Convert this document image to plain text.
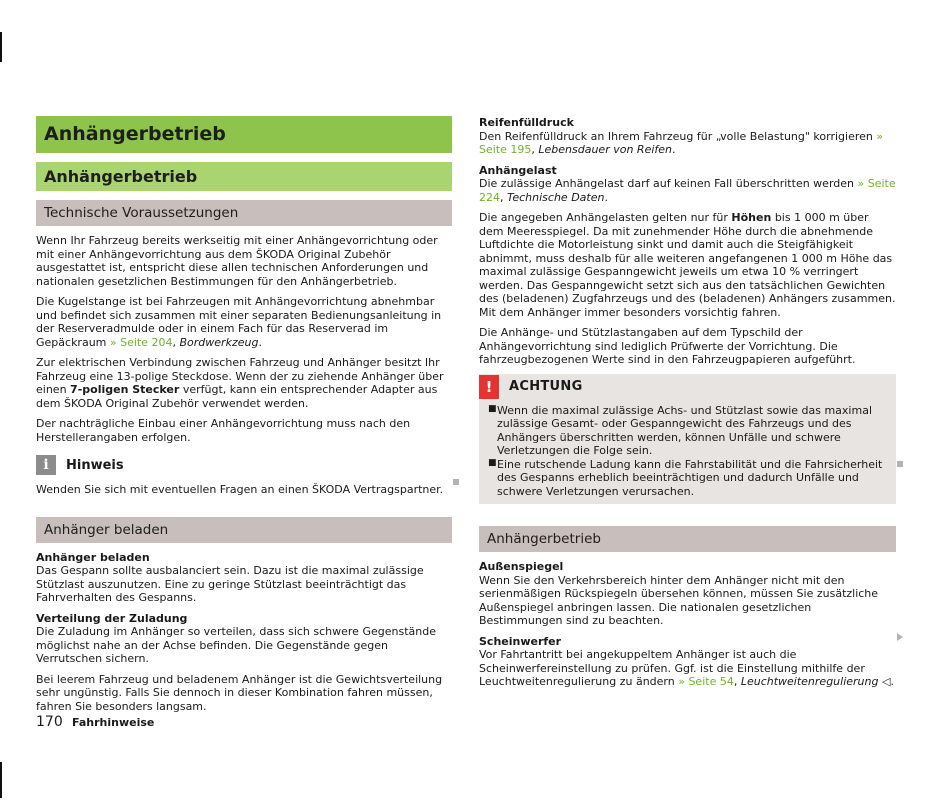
Anhängerbetrieb
Anhängerbetrieb
Technische Voraussetzungen

Wenn Ihr Fahrzeug bereits werkseitig mit einer Anhängevorrichtung oder mit einer Anhängevorrichtung aus dem ŠKODA Original Zubehör ausgestattet ist, entspricht diese allen technischen Anforderungen und nationalen gesetzlichen Bestimmungen für den Anhängerbetrieb.

Die Kugelstange ist bei Fahrzeugen mit Anhängevorrichtung abnehmbar und befindet sich zusammen mit einer separaten Bedienungsanleitung in der Reserveradmulde oder in einem Fach für das Reserverad im Gepäckraum » Seite 204, Bordwerkzeug.

Zur elektrischen Verbindung zwischen Fahrzeug und Anhänger besitzt Ihr Fahrzeug eine 13-polige Steckdose. Wenn der zu ziehende Anhänger über einen 7-poligen Stecker verfügt, kann ein entsprechender Adapter aus dem ŠKODA Original Zubehör verwendet werden.

Der nachträgliche Einbau einer Anhängevorrichtung muss nach den Herstellerangaben erfolgen.

i	Hinweis

Wenden Sie sich mit eventuellen Fragen an einen ŠKODA Vertragspartner.

Anhänger beladen

Anhänger beladen
Das Gespann sollte ausbalanciert sein. Dazu ist die maximal zulässige Stützlast auszunutzen. Eine zu geringe Stützlast beeinträchtigt das Fahrverhalten des Gespanns.

Verteilung der Zuladung
Die Zuladung im Anhänger so verteilen, dass sich schwere Gegenstände möglichst nahe an der Achse befinden. Die Gegenstände gegen Verrutschen sichern.

Bei leerem Fahrzeug und beladenem Anhänger ist die Gewichtsverteilung sehr ungünstig. Falls Sie dennoch in dieser Kombination fahren müssen, fahren Sie besonders langsam.

Reifenfülldruck
Den Reifenfülldruck an Ihrem Fahrzeug für „volle Belastung" korrigieren » Seite 195, Lebensdauer von Reifen.

Anhängelast
Die zulässige Anhängelast darf auf keinen Fall überschritten werden » Seite 224, Technische Daten.

Die angegeben Anhängelasten gelten nur für Höhen bis 1 000 m über dem Meeresspiegel. Da mit zunehmender Höhe durch die abnehmende Luftdichte die Motorleistung sinkt und damit auch die Steigfähigkeit abnimmt, muss deshalb für alle weiteren angefangenen 1 000 m Höhe das maximal zulässige Gespanngewicht jeweils um etwa 10 % verringert werden. Das Gespanngewicht setzt sich aus den tatsächlichen Gewichten des (beladenen) Zugfahrzeugs und des (beladenen) Anhängers zusammen. Mit dem Anhänger immer besonders vorsichtig fahren.

Die Anhänge- und Stützlastangaben auf dem Typschild der Anhängevorrichtung sind lediglich Prüfwerte der Vorrichtung. Die fahrzeugbezogenen Werte sind in den Fahrzeugpapieren aufgeführt.

!	ACHTUNG
■ Wenn die maximal zulässige Achs- und Stützlast sowie das maximal zulässige Gesamt- oder Gespanngewicht des Fahrzeugs und des Anhängers überschritten werden, können Unfälle und schwere Verletzungen die Folge sein.

■ Eine rutschende Ladung kann die Fahrstabilität und die Fahrsicherheit des Gespanns erheblich beeinträchtigen und dadurch Unfälle und schwere Verletzungen verursachen.

Anhängerbetrieb

Außenspiegel
Wenn Sie den Verkehrsbereich hinter dem Anhänger nicht mit den serienmäßigen Rückspiegeln übersehen können, müssen Sie zusätzliche Außenspiegel anbringen lassen. Die nationalen gesetzlichen Bestimmungen sind zu beachten.

Scheinwerfer
Vor Fahrtantritt bei angekuppeltem Anhänger ist auch die Scheinwerfereinstellung zu prüfen. Ggf. ist die Einstellung mithilfe der Leuchtweitenregulierung zu ändern » Seite 54, Leuchtweitenregulierung ◁.

170 Fahrhinweise
